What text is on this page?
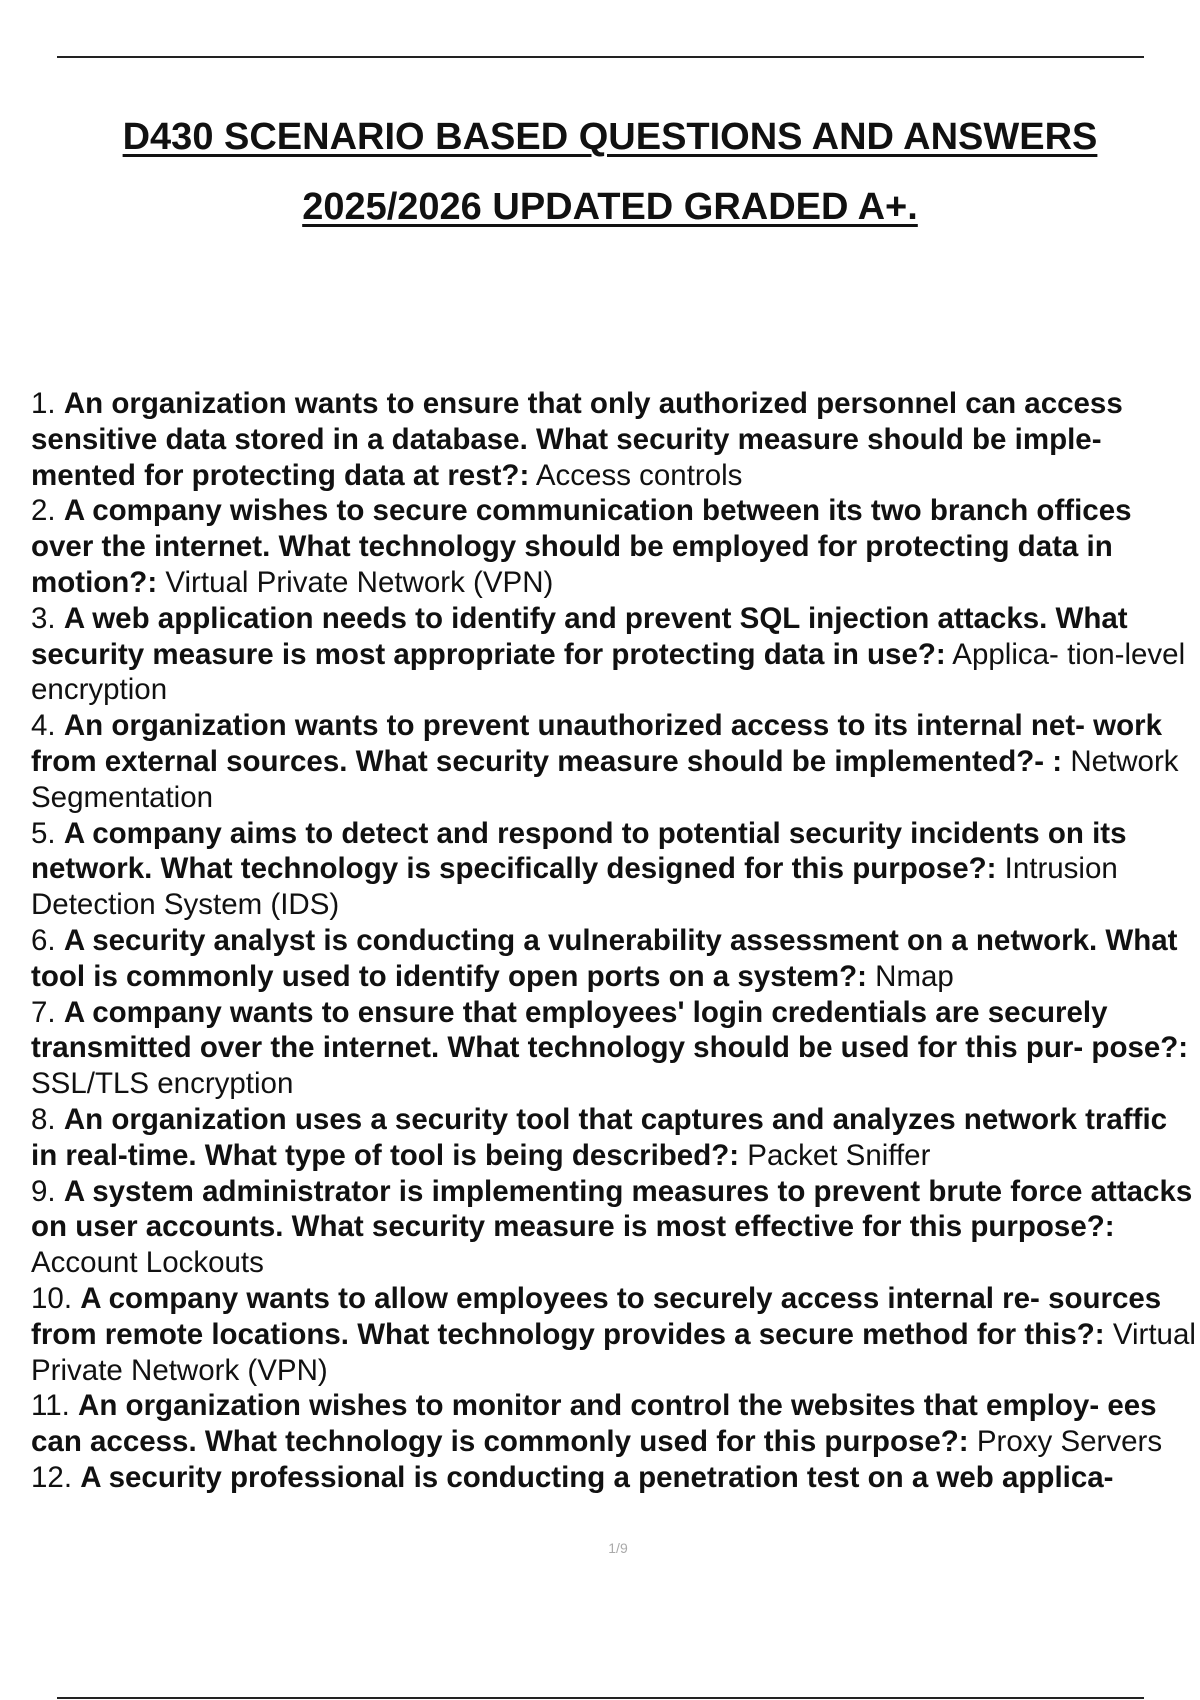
D430 SCENARIO BASED QUESTIONS AND ANSWERS
2025/2026 UPDATED GRADED A+.

1. An organization wants to ensure that only authorized personnel can access sensitive data stored in a database. What security measure should be imple- mented for protecting data at rest?: Access controls

2. A company wishes to secure communication between its two branch offices over the internet. What technology should be employed for protecting data in motion?: Virtual Private Network (VPN)

3. A web application needs to identify and prevent SQL injection attacks. What security measure is most appropriate for protecting data in use?: Applica- tion-level encryption

4. An organization wants to prevent unauthorized access to its internal net- work from external sources. What security measure should be implemented?- : Network Segmentation

5. A company aims to detect and respond to potential security incidents on its network. What technology is specifically designed for this purpose?: Intrusion Detection System (IDS)

6. A security analyst is conducting a vulnerability assessment on a network. What tool is commonly used to identify open ports on a system?: Nmap

7. A company wants to ensure that employees' login credentials are securely transmitted over the internet. What technology should be used for this pur- pose?: SSL/TLS encryption

8. An organization uses a security tool that captures and analyzes network traffic in real-time. What type of tool is being described?: Packet Sniffer

9. A system administrator is implementing measures to prevent brute force attacks on user accounts. What security measure is most effective for this purpose?: Account Lockouts

10. A company wants to allow employees to securely access internal re- sources from remote locations. What technology provides a secure method for this?: Virtual Private Network (VPN)

11. An organization wishes to monitor and control the websites that employ- ees can access. What technology is commonly used for this purpose?: Proxy Servers

12. A security professional is conducting a penetration test on a web applica-

1/9
